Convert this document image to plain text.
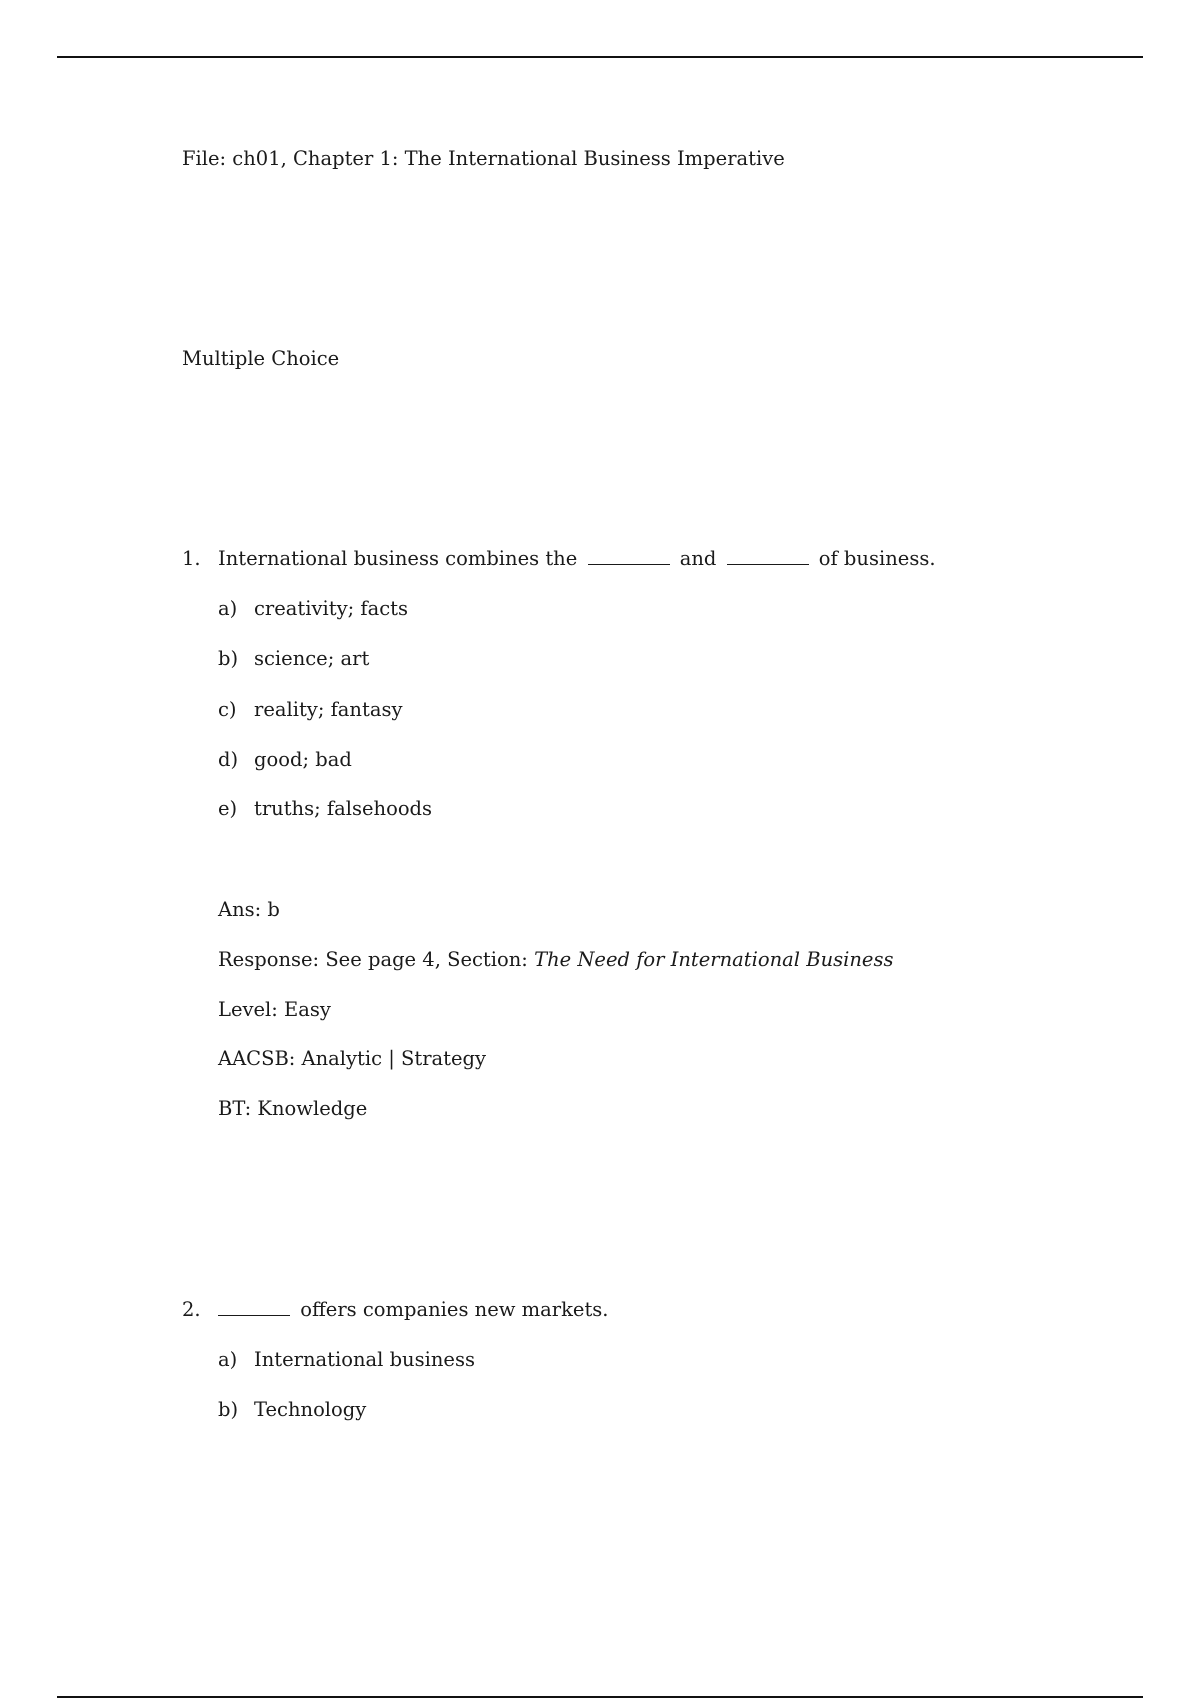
File: ch01, Chapter 1: The International Business Imperative
Multiple Choice
1. International business combines the	and	of business.
a) creativity; facts
b) science; art
c) reality; fantasy
d) good; bad
e) truths; falsehoods
Ans: b
Response: See page 4, Section: The Need for International Business
Level: Easy
AACSB: Analytic | Strategy
BT: Knowledge
2.	offers companies new markets.
a) International business
b) Technology
